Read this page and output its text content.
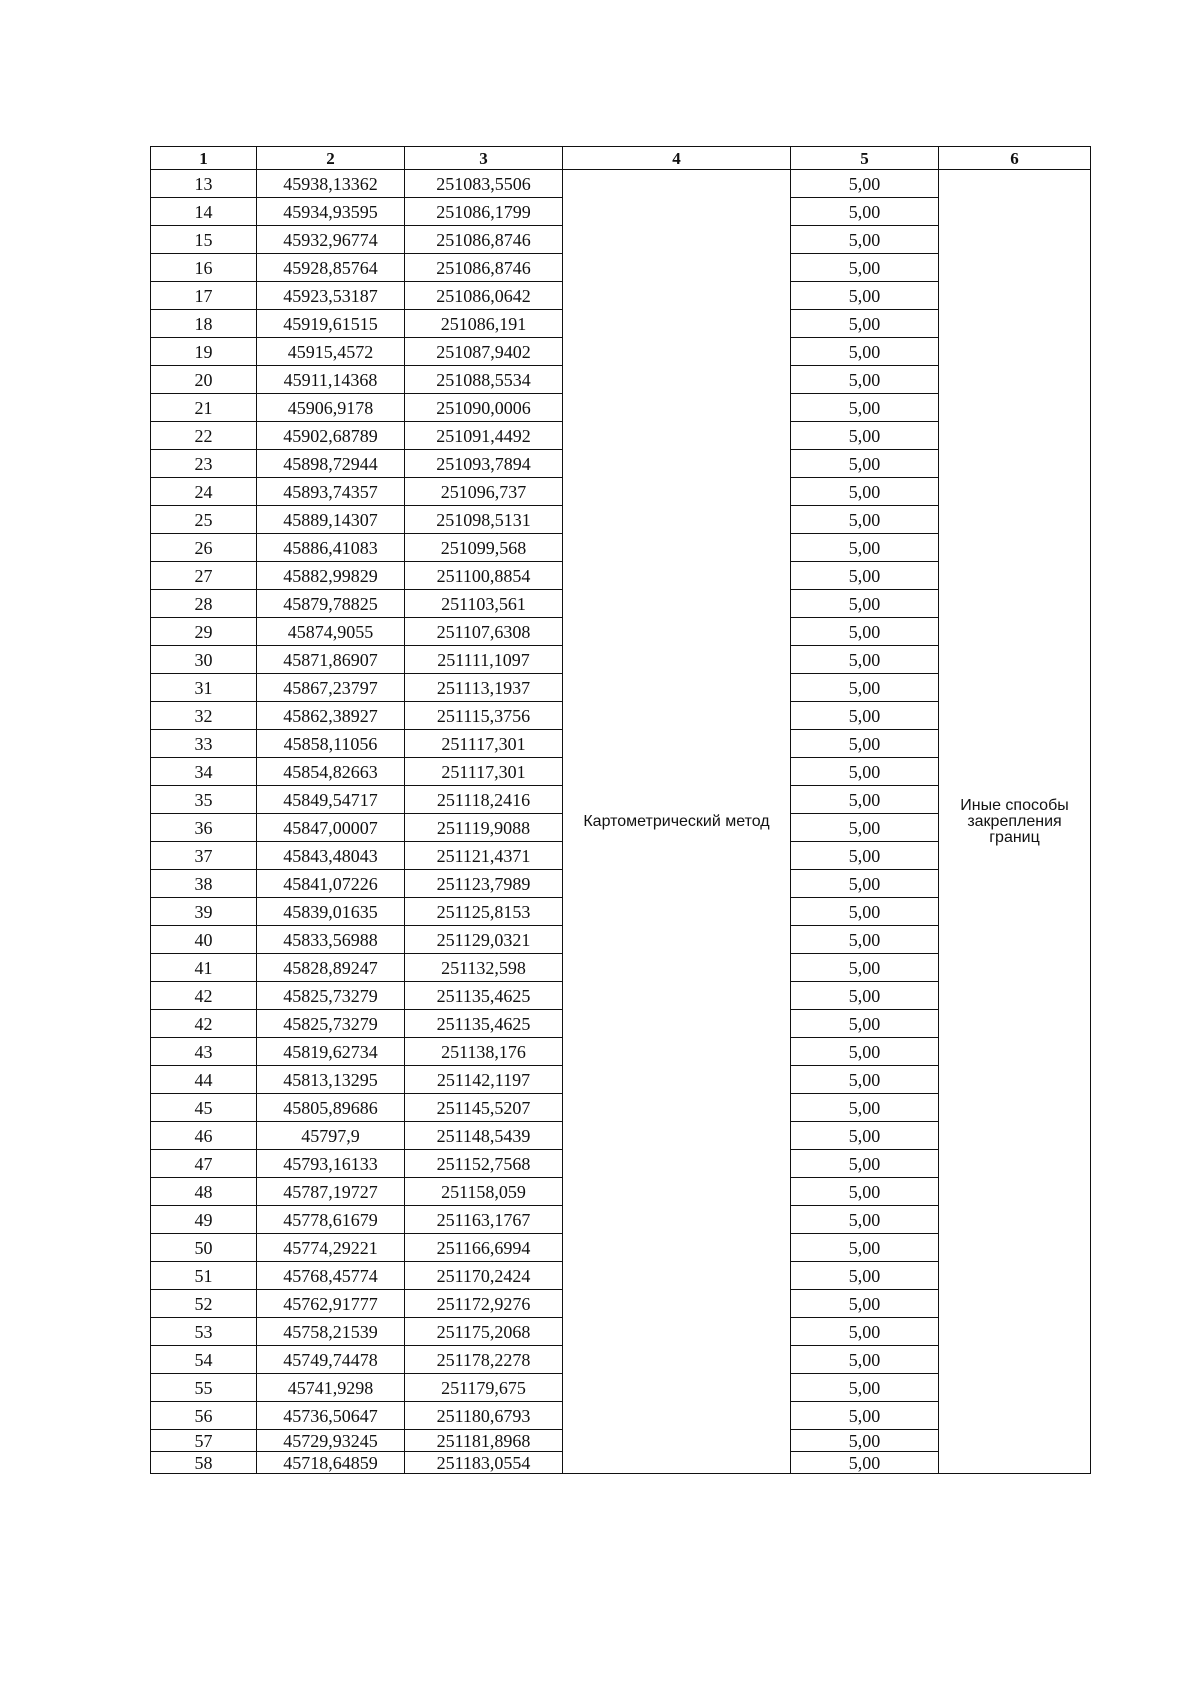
1	2	3	4	5	6
13	45938,13362	251083,5506	Картометрический метод	5,00	Иные способы
закрепления
границ

14	45934,93595	251086,1799		5,00	
15	45932,96774	251086,8746		5,00	
16	45928,85764	251086,8746		5,00	
17	45923,53187	251086,0642		5,00	
18	45919,61515	251086,191		5,00	
19	45915,4572	251087,9402		5,00	
20	45911,14368	251088,5534		5,00	
21	45906,9178	251090,0006		5,00	
22	45902,68789	251091,4492		5,00	
23	45898,72944	251093,7894		5,00	
24	45893,74357	251096,737		5,00	
25	45889,14307	251098,5131		5,00	
26	45886,41083	251099,568		5,00	
27	45882,99829	251100,8854		5,00	
28	45879,78825	251103,561		5,00	
29	45874,9055	251107,6308		5,00	
30	45871,86907	251111,1097		5,00	
31	45867,23797	251113,1937		5,00	
32	45862,38927	251115,3756		5,00	
33	45858,11056	251117,301		5,00	
34	45854,82663	251117,301		5,00	
35	45849,54717	251118,2416		5,00	
36	45847,00007	251119,9088		5,00	
37	45843,48043	251121,4371		5,00	
38	45841,07226	251123,7989		5,00	
39	45839,01635	251125,8153		5,00	
40	45833,56988	251129,0321		5,00	
41	45828,89247	251132,598		5,00	
42	45825,73279	251135,4625		5,00	
42	45825,73279	251135,4625		5,00	
43	45819,62734	251138,176		5,00	
44	45813,13295	251142,1197		5,00	
45	45805,89686	251145,5207		5,00	
46	45797,9	251148,5439		5,00	
47	45793,16133	251152,7568		5,00	
48	45787,19727	251158,059		5,00	
49	45778,61679	251163,1767		5,00	
50	45774,29221	251166,6994		5,00	
51	45768,45774	251170,2424		5,00	
52	45762,91777	251172,9276		5,00	
53	45758,21539	251175,2068		5,00	
54	45749,74478	251178,2278		5,00	
55	45741,9298	251179,675		5,00	
56	45736,50647	251180,6793		5,00	
57	45729,93245	251181,8968		5,00	
58	45718,64859	251183,0554		5,00	
